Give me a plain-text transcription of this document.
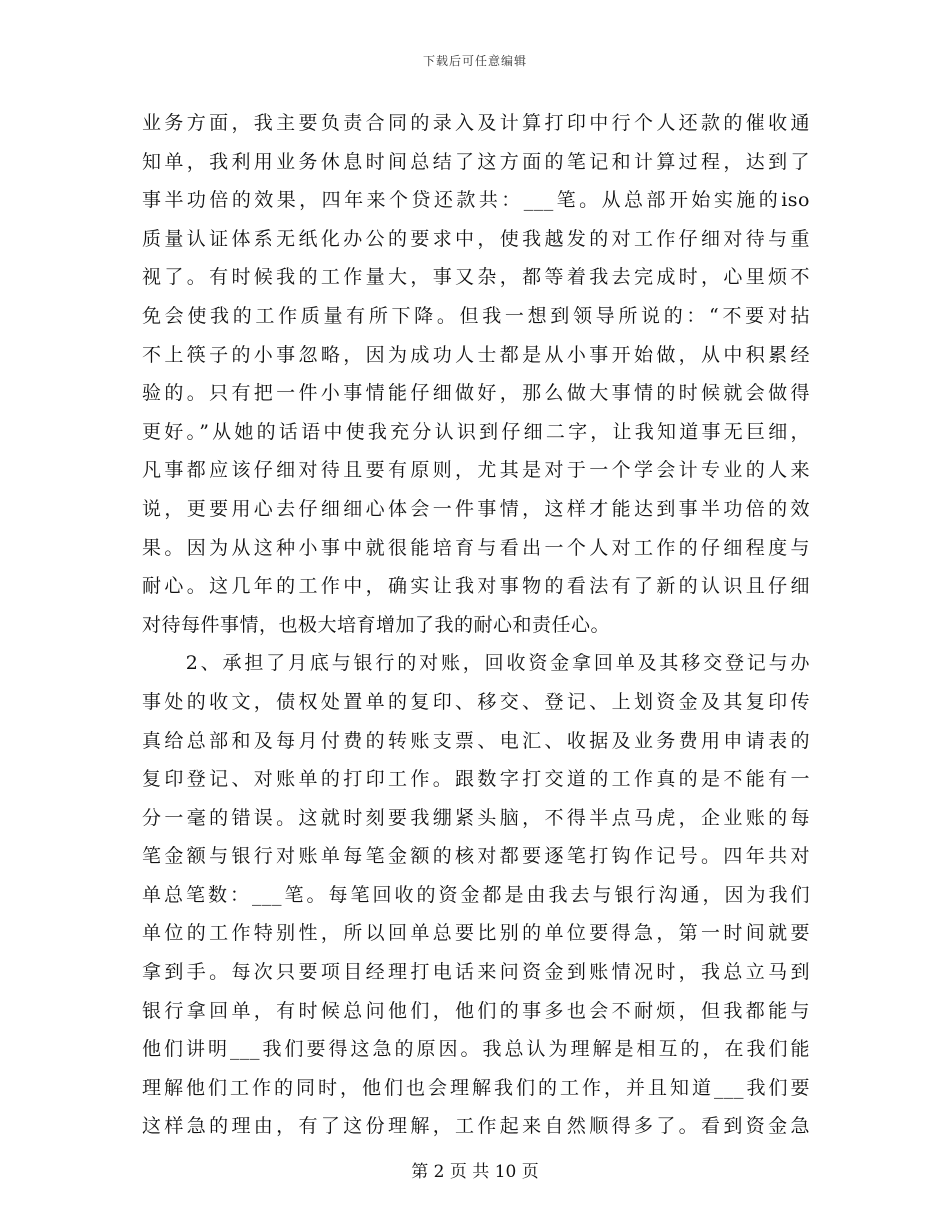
下载后可任意编辑
业务方面，我主要负责合同的录入及计算打印中行个人还款的催收通
知单，我利用业务休息时间总结了这方面的笔记和计算过程，达到了
事半功倍的效果，四年来个贷还款共：___笔。从总部开始实施的iso
质量认证体系无纸化办公的要求中，使我越发的对工作仔细对待与重
视了。有时候我的工作量大，事又杂，都等着我去完成时，心里烦不
免会使我的工作质量有所下降。但我一想到领导所说的：“不要对拈
不上筷子的小事忽略，因为成功人士都是从小事开始做，从中积累经
验的。只有把一件小事情能仔细做好，那么做大事情的时候就会做得
更好。”从她的话语中使我充分认识到仔细二字，让我知道事无巨细，
凡事都应该仔细对待且要有原则，尤其是对于一个学会计专业的人来
说，更要用心去仔细细心体会一件事情，这样才能达到事半功倍的效
果。因为从这种小事中就很能培育与看出一个人对工作的仔细程度与
耐心。这几年的工作中，确实让我对事物的看法有了新的认识且仔细
对待每件事情，也极大培育增加了我的耐心和责任心。
　　2、承担了月底与银行的对账，回收资金拿回单及其移交登记与办
事处的收文，债权处置单的复印、移交、登记、上划资金及其复印传
真给总部和及每月付费的转账支票、电汇、收据及业务费用申请表的
复印登记、对账单的打印工作。跟数字打交道的工作真的是不能有一
分一毫的错误。这就时刻要我绷紧头脑，不得半点马虎，企业账的每
笔金额与银行对账单每笔金额的核对都要逐笔打钩作记号。四年共对
单总笔数：___笔。每笔回收的资金都是由我去与银行沟通，因为我们
单位的工作特别性，所以回单总要比别的单位要得急，第一时间就要
拿到手。每次只要项目经理打电话来问资金到账情况时，我总立马到
银行拿回单，有时候总问他们，他们的事多也会不耐烦，但我都能与
他们讲明___我们要得这急的原因。我总认为理解是相互的，在我们能
理解他们工作的同时，他们也会理解我们的工作，并且知道___我们要
这样急的理由，有了这份理解，工作起来自然顺得多了。看到资金急
第 2 页 共 10 页
